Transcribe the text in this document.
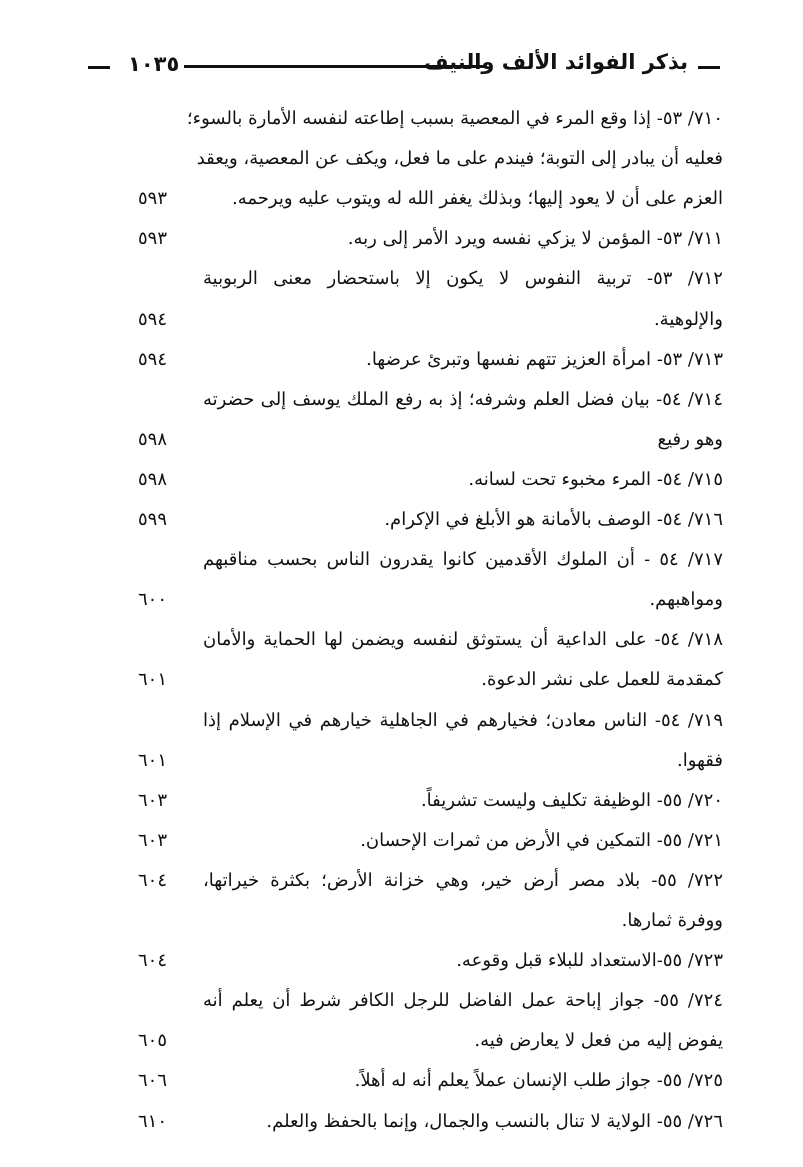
١٠٣٥	بذكر الفوائد الألف والنيف
٧١٠/ ٥٣- إذا وقع المرء في المعصية بسبب إطاعته لنفسه الأمارة بالسوء؛
فعليه أن يبادر إلى التوبة؛ فيندم على ما فعل، ويكف عن المعصية، ويعقد
العزم على أن لا يعود إليها؛ وبذلك يغفر الله له ويتوب عليه ويرحمه.
٥٩٣
٧١١/ ٥٣- المؤمن لا يزكي نفسه ويرد الأمر إلى ربه.
٥٩٣
٧١٢/ ٥٣- تربية النفوس لا يكون إلا باستحضار معنى الربوبية
والإلوهية.
٥٩٤
٧١٣/ ٥٣- امرأة العزيز تتهم نفسها وتبرئ عرضها.
٥٩٤
٧١٤/ ٥٤- بيان فضل العلم وشرفه؛ إذ به رفع الملك يوسف إلى حضرته
وهو رفيع
٥٩٨
٧١٥/ ٥٤- المرء مخبوء تحت لسانه.
٥٩٨
٧١٦/ ٥٤- الوصف بالأمانة هو الأبلغ في الإكرام.
٥٩٩
٧١٧/ ٥٤ - أن الملوك الأقدمين كانوا يقدرون الناس بحسب مناقبهم
ومواهبهم.
٦٠٠
٧١٨/ ٥٤- على الداعية أن يستوثق لنفسه ويضمن لها الحماية والأمان
كمقدمة للعمل على نشر الدعوة.
٦٠١
٧١٩/ ٥٤- الناس معادن؛ فخيارهم في الجاهلية خيارهم في الإسلام إذا
فقهوا.
٦٠١
٧٢٠/ ٥٥- الوظيفة تكليف وليست تشريفاً.
٦٠٣
٧٢١/ ٥٥- التمكين في الأرض من ثمرات الإحسان.
٦٠٣
٧٢٢/ ٥٥- بلاد مصر أرض خير، وهي خزانة الأرض؛ بكثرة خيراتها،
٦٠٤
ووفرة ثمارها.
٧٢٣/ ٥٥-الاستعداد للبلاء قبل وقوعه.
٦٠٤
٧٢٤/ ٥٥- جواز إباحة عمل الفاضل للرجل الكافر شرط أن يعلم أنه
يفوض إليه من فعل لا يعارض فيه.
٦٠٥
٧٢٥/ ٥٥- جواز طلب الإنسان عملاً يعلم أنه له أهلاً.
٦٠٦
٧٢٦/ ٥٥- الولاية لا تنال بالنسب والجمال، وإنما بالحفظ والعلم.
٦١٠
